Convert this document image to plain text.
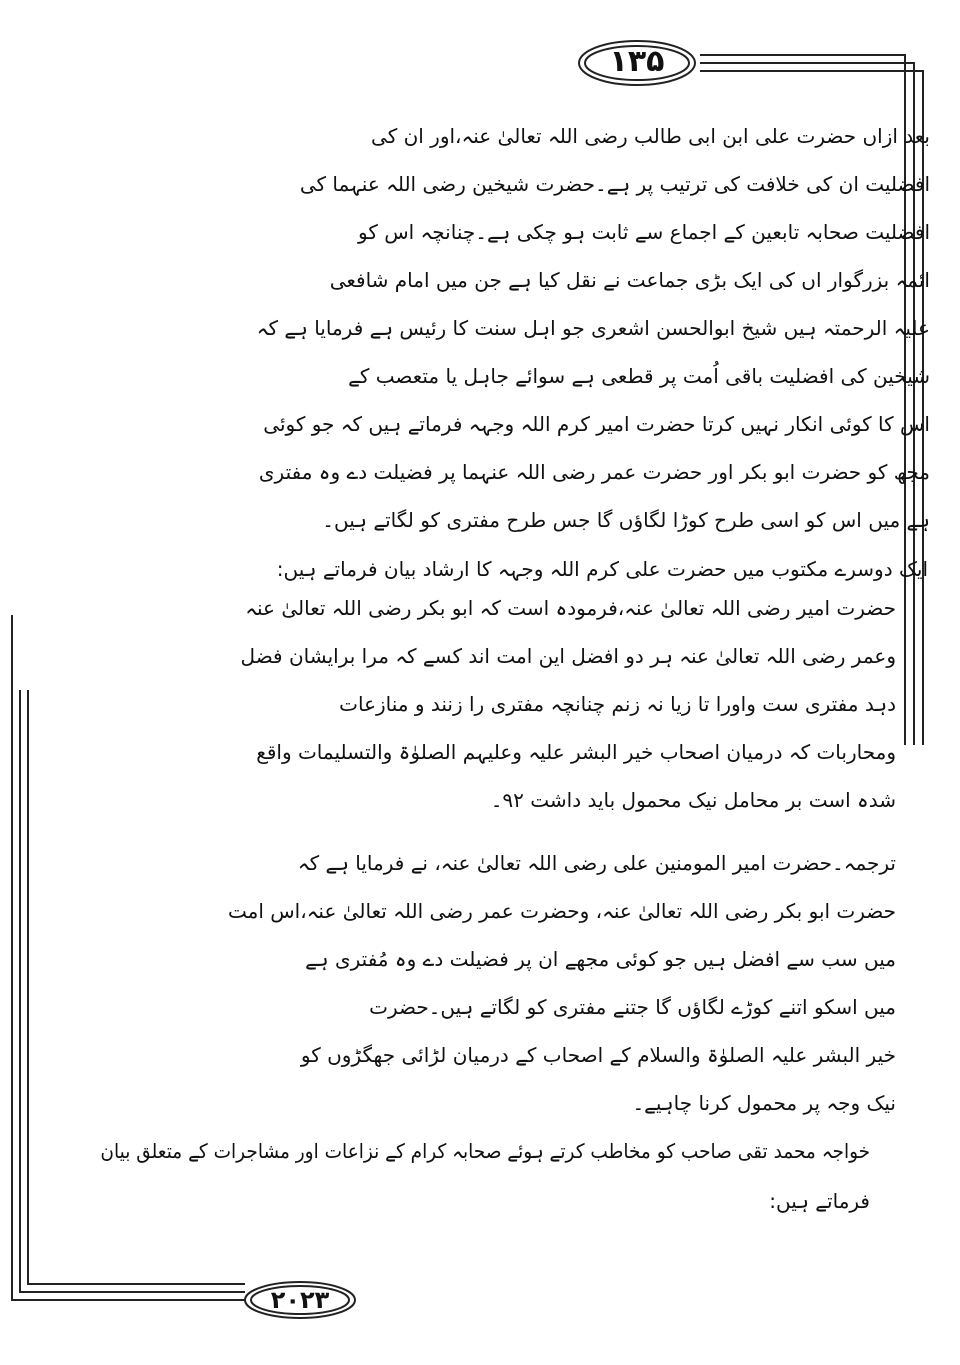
۱۳۵
۲۰۲۳
بعد ازاں حضرت علی ابن ابی طالب رضی اللہ تعالیٰ عنہ،اور ان کی
افضلیت ان کی خلافت کی ترتیب پر ہے۔حضرت شیخین رضی اللہ عنہما کی
افضلیت صحابہ تابعین کے اجماع سے ثابت ہو چکی ہے۔چنانچہ اس کو
ائمہ بزرگوار اں کی ایک بڑی جماعت نے نقل کیا ہے جن میں امام شافعی
علیہ الرحمتہ ہیں شیخ ابوالحسن اشعری جو اہل سنت کا رئیس ہے فرمایا ہے کہ
شیخین کی افضلیت باقی اُمت پر قطعی ہے سوائے جاہل یا متعصب کے
اس کا کوئی انکار نہیں کرتا حضرت امیر کرم اللہ وجہہ فرماتے ہیں کہ جو کوئی
مجھ کو حضرت ابو بکر اور حضرت عمر رضی اللہ عنہما پر فضیلت دے وہ مفتری
ہے میں اس کو اسی طرح کوڑا لگاؤں گا جس طرح مفتری کو لگاتے ہیں۔
ایک دوسرے مکتوب میں حضرت علی کرم اللہ وجہہ کا ارشاد بیان فرماتے ہیں:
حضرت امیر رضی اللہ تعالیٰ عنہ،فرمودہ است کہ ابو بکر رضی اللہ تعالیٰ عنہ
وعمر رضی اللہ تعالیٰ عنہ ہر دو افضل این امت اند کسے کہ مرا برایشان فضل
دہد مفتری ست واورا تا زیا نہ زنم چنانچہ مفتری را زنند و منازعات
ومحاربات کہ درمیان اصحاب خیر البشر علیہ وعلیہم الصلوٰۃ والتسلیمات واقع
شدہ است بر محامل نیک محمول باید داشت ۹۲۔
ترجمہ۔حضرت امیر المومنین علی رضی اللہ تعالیٰ عنہ، نے فرمایا ہے کہ
حضرت ابو بکر رضی اللہ تعالیٰ عنہ، وحضرت عمر رضی اللہ تعالیٰ عنہ،اس امت
میں سب سے افضل ہیں جو کوئی مجھے ان پر فضیلت دے وہ مُفتری ہے
میں اسکو اتنے کوڑے لگاؤں گا جتنے مفتری کو لگاتے ہیں۔حضرت
خیر البشر علیہ الصلوٰۃ والسلام کے اصحاب کے درمیان لڑائی جھگڑوں کو
نیک وجہ پر محمول کرنا چاہیے۔
خواجہ محمد تقی صاحب کو مخاطب کرتے ہوئے صحابہ کرام کے نزاعات اور مشاجرات کے متعلق بیان
فرماتے ہیں:
